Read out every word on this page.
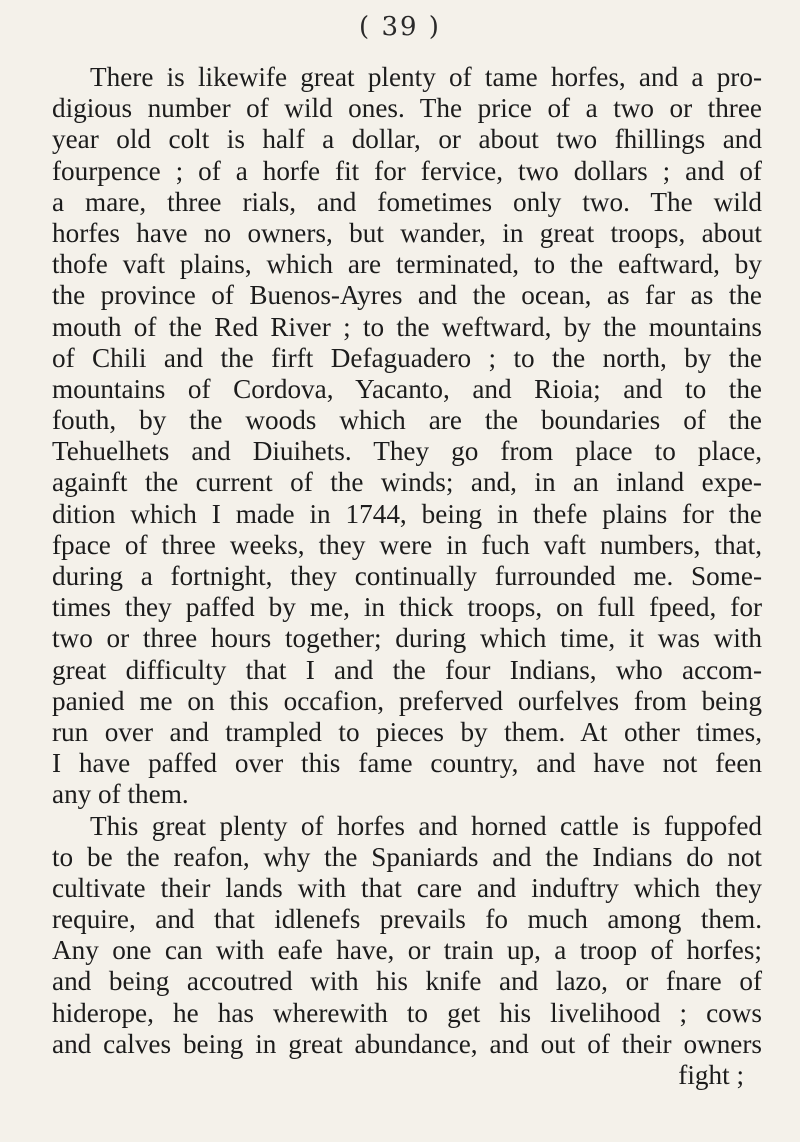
( 39 )
There is likewife great plenty of tame horfes, and a pro-
digious number of wild ones. The price of a two or three
year old colt is half a dollar, or about two fhillings and
fourpence ; of a horfe fit for fervice, two dollars ; and of
a mare, three rials, and fometimes only two. The wild
horfes have no owners, but wander, in great troops, about
thofe vaft plains, which are terminated, to the eaftward, by
the province of Buenos-Ayres and the ocean, as far as the
mouth of the Red River ; to the weftward, by the mountains
of Chili and the firft Defaguadero ; to the north, by the
mountains of Cordova, Yacanto, and Rioia; and to the
fouth, by the woods which are the boundaries of the
Tehuelhets and Diuihets. They go from place to place,
againft the current of the winds; and, in an inland expe-
dition which I made in 1744, being in thefe plains for the
fpace of three weeks, they were in fuch vaft numbers, that,
during a fortnight, they continually furrounded me. Some-
times they paffed by me, in thick troops, on full fpeed, for
two or three hours together; during which time, it was with
great difficulty that I and the four Indians, who accom-
panied me on this occafion, preferved ourfelves from being
run over and trampled to pieces by them. At other times,
I have paffed over this fame country, and have not feen
any of them.
This great plenty of horfes and horned cattle is fuppofed
to be the reafon, why the Spaniards and the Indians do not
cultivate their lands with that care and induftry which they
require, and that idlenefs prevails fo much among them.
Any one can with eafe have, or train up, a troop of horfes;
and being accoutred with his knife and lazo, or fnare of
hiderope, he has wherewith to get his livelihood ; cows
and calves being in great abundance, and out of their owners
fight ;
